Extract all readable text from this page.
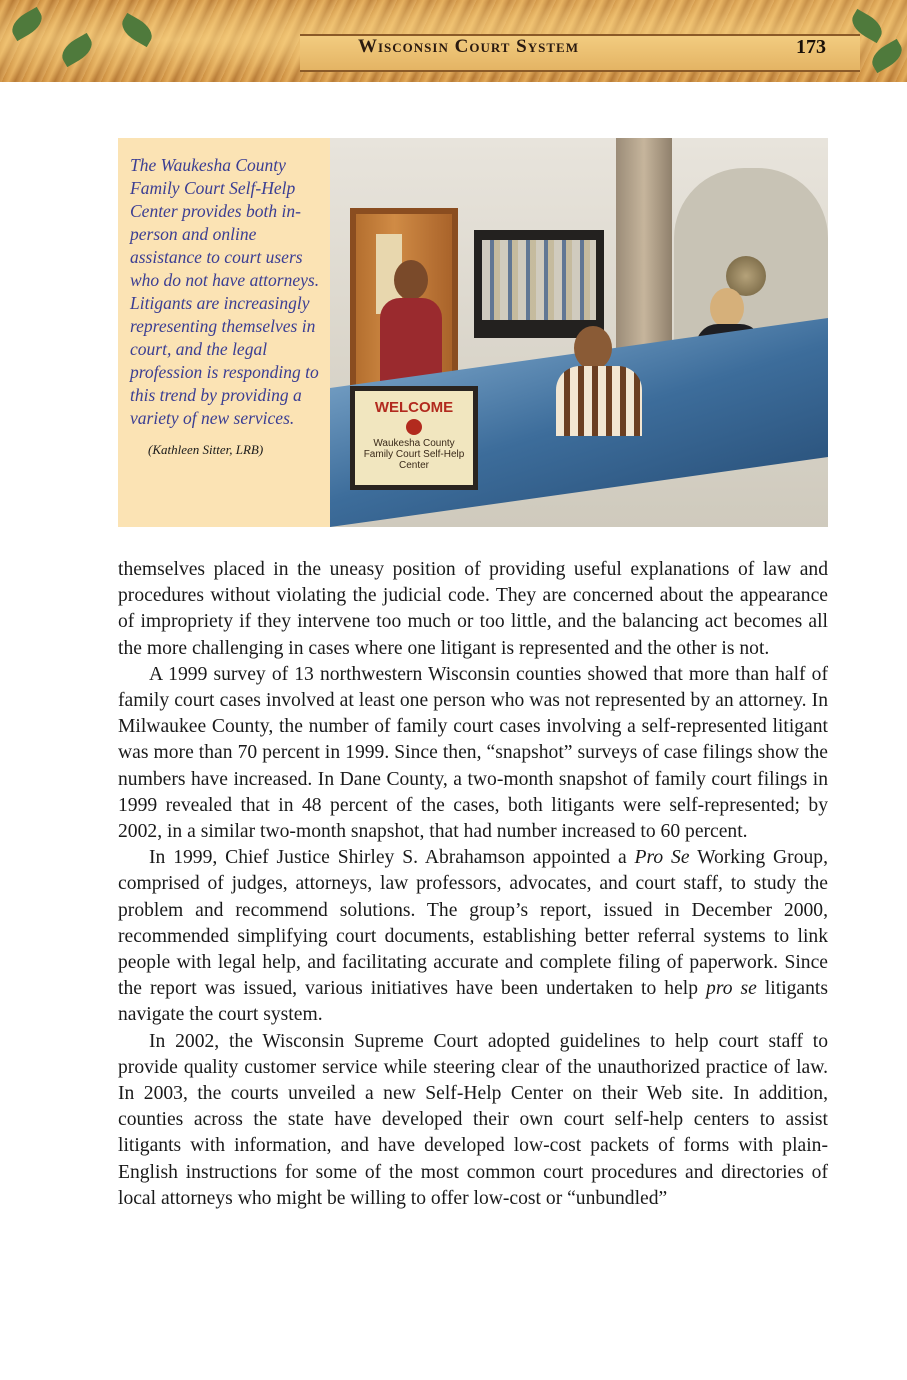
Wisconsin Court System	173
The Waukesha County Family Court Self-Help Center provides both in-person and online assistance to court users who do not have attorneys. Litigants are increasingly representing themselves in court, and the legal profession is responding to this trend by providing a variety of new services.
(Kathleen Sitter, LRB)
WELCOME
Waukesha County Family Court Self-Help Center

themselves placed in the uneasy position of providing useful explanations of law and procedures without violating the judicial code. They are concerned about the appearance of impropriety if they intervene too much or too little, and the balancing act becomes all the more challenging in cases where one litigant is represented and the other is not.

A 1999 survey of 13 northwestern Wisconsin counties showed that more than half of family court cases involved at least one person who was not represented by an attorney. In Milwaukee County, the number of family court cases involving a self-represented litigant was more than 70 percent in 1999. Since then, “snapshot” surveys of case filings show the numbers have increased. In Dane County, a two-month snapshot of family court filings in 1999 revealed that in 48 percent of the cases, both litigants were self-represented; by 2002, in a similar two-month snapshot, that had number increased to 60 percent.

In 1999, Chief Justice Shirley S. Abrahamson appointed a Pro Se Working Group, comprised of judges, attorneys, law professors, advocates, and court staff, to study the problem and recommend solutions. The group’s report, issued in December 2000, recommended simplifying court documents, establishing better referral systems to link people with legal help, and facilitating accurate and complete filing of paperwork. Since the report was issued, various initiatives have been undertaken to help pro se litigants navigate the court system.

In 2002, the Wisconsin Supreme Court adopted guidelines to help court staff to provide quality customer service while steering clear of the unauthorized practice of law. In 2003, the courts unveiled a new Self-Help Center on their Web site. In addition, counties across the state have developed their own court self-help centers to assist litigants with information, and have developed low-cost packets of forms with plain-English instructions for some of the most common court procedures and directories of local attorneys who might be willing to offer low-cost or “unbundled”
